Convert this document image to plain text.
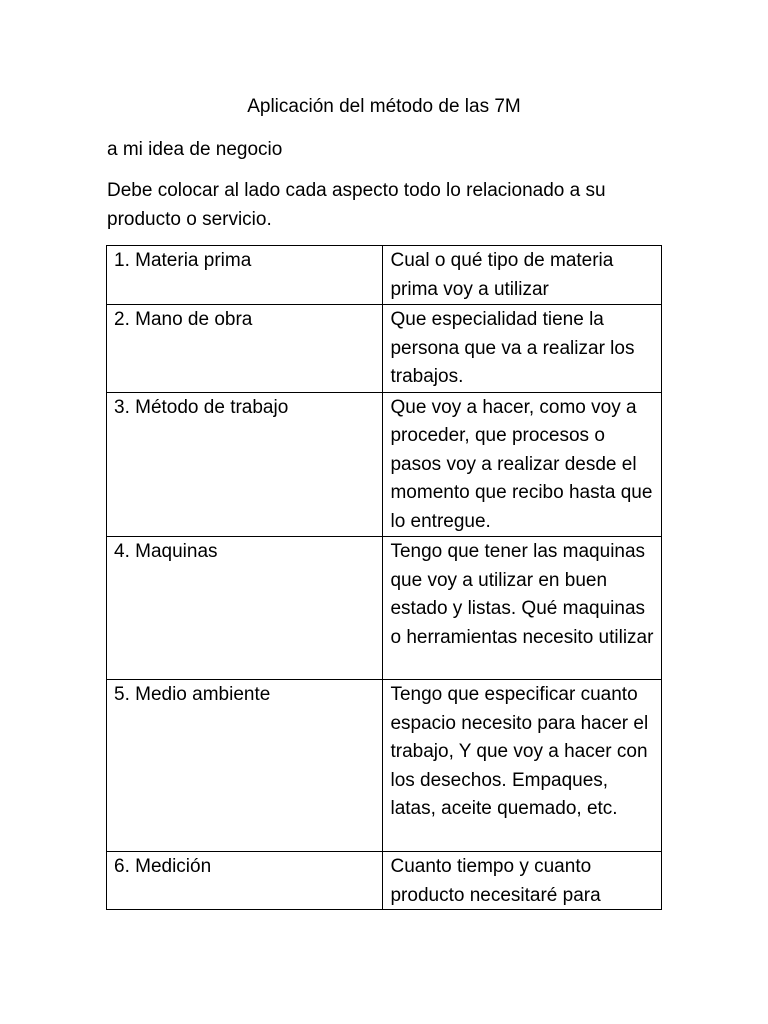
Aplicación del método de las 7M
a mi idea de negocio
Debe colocar al lado cada aspecto todo lo relacionado a su
producto o servicio.
1. Materia prima	Cual o qué tipo de materia prima voy a utilizar
2. Mano de obra	Que especialidad tiene la persona que va a realizar los trabajos.
3. Método de trabajo	Que voy a hacer, como voy a proceder, que procesos o pasos voy a realizar desde el momento que recibo hasta que lo entregue.
4. Maquinas	Tengo que tener las maquinas que voy a utilizar en buen estado y listas. Qué maquinas o herramientas necesito utilizar
5. Medio ambiente	Tengo que especificar cuanto espacio necesito para hacer el trabajo, Y que voy a hacer con los desechos. Empaques, latas, aceite quemado, etc.
6. Medición	Cuanto tiempo y cuanto producto necesitaré para
